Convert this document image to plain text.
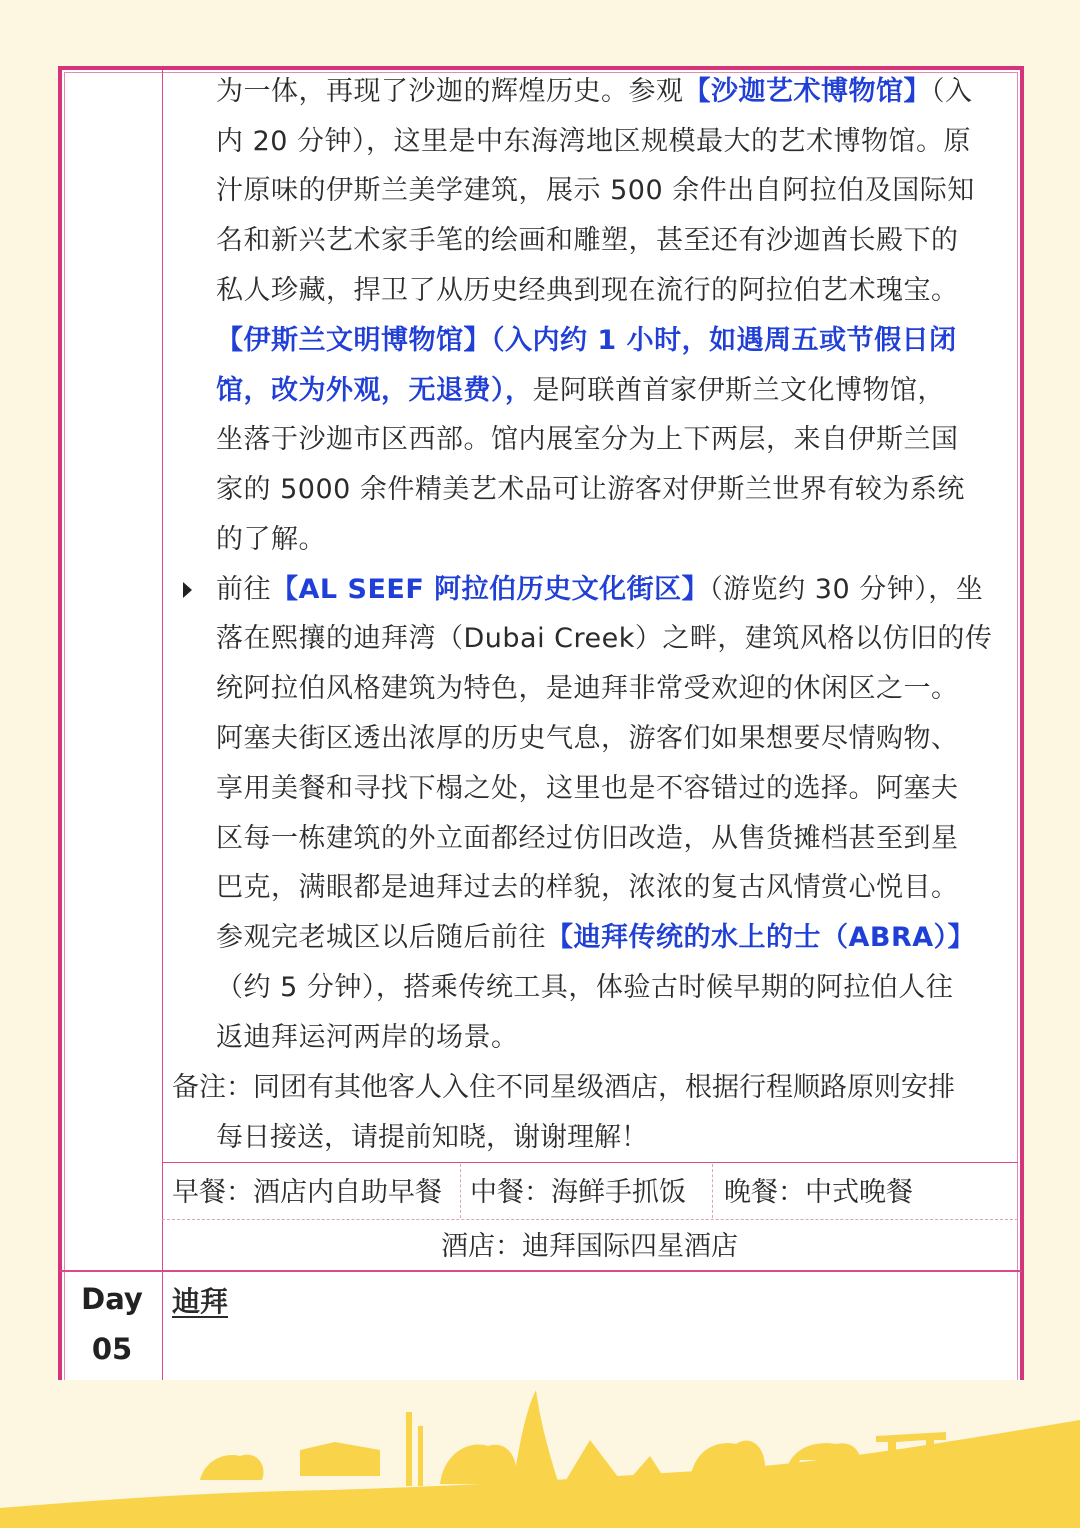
为一体，再现了沙迦的辉煌历史。参观【沙迦艺术博物馆】（入
内 20 分钟），这里是中东海湾地区规模最大的艺术博物馆。原
汁原味的伊斯兰美学建筑，展示 500 余件出自阿拉伯及国际知
名和新兴艺术家手笔的绘画和雕塑，甚至还有沙迦酋长殿下的
私人珍藏，捍卫了从历史经典到现在流行的阿拉伯艺术瑰宝。
【伊斯兰文明博物馆】（入内约 1 小时，如遇周五或节假日闭
馆，改为外观，无退费），是阿联酋首家伊斯兰文化博物馆，
坐落于沙迦市区西部。馆内展室分为上下两层，来自伊斯兰国
家的 5000 余件精美艺术品可让游客对伊斯兰世界有较为系统
的了解。
前往【AL SEEF 阿拉伯历史文化街区】（游览约 30 分钟），坐
落在熙攘的迪拜湾（Dubai Creek）之畔，建筑风格以仿旧的传
统阿拉伯风格建筑为特色，是迪拜非常受欢迎的休闲区之一。
阿塞夫街区透出浓厚的历史气息，游客们如果想要尽情购物、
享用美餐和寻找下榻之处，这里也是不容错过的选择。阿塞夫
区每一栋建筑的外立面都经过仿旧改造，从售货摊档甚至到星
巴克，满眼都是迪拜过去的样貌，浓浓的复古风情赏心悦目。
参观完老城区以后随后前往【迪拜传统的水上的士（ABRA）】
（约 5 分钟），搭乘传统工具，体验古时候早期的阿拉伯人往
返迪拜运河两岸的场景。
备注：同团有其他客人入住不同星级酒店，根据行程顺路原则安排
每日接送，请提前知晓，谢谢理解！
早餐：酒店内自助早餐 中餐：海鲜手抓饭 晚餐：中式晚餐
酒店：迪拜国际四星酒店
Day
05
迪拜
